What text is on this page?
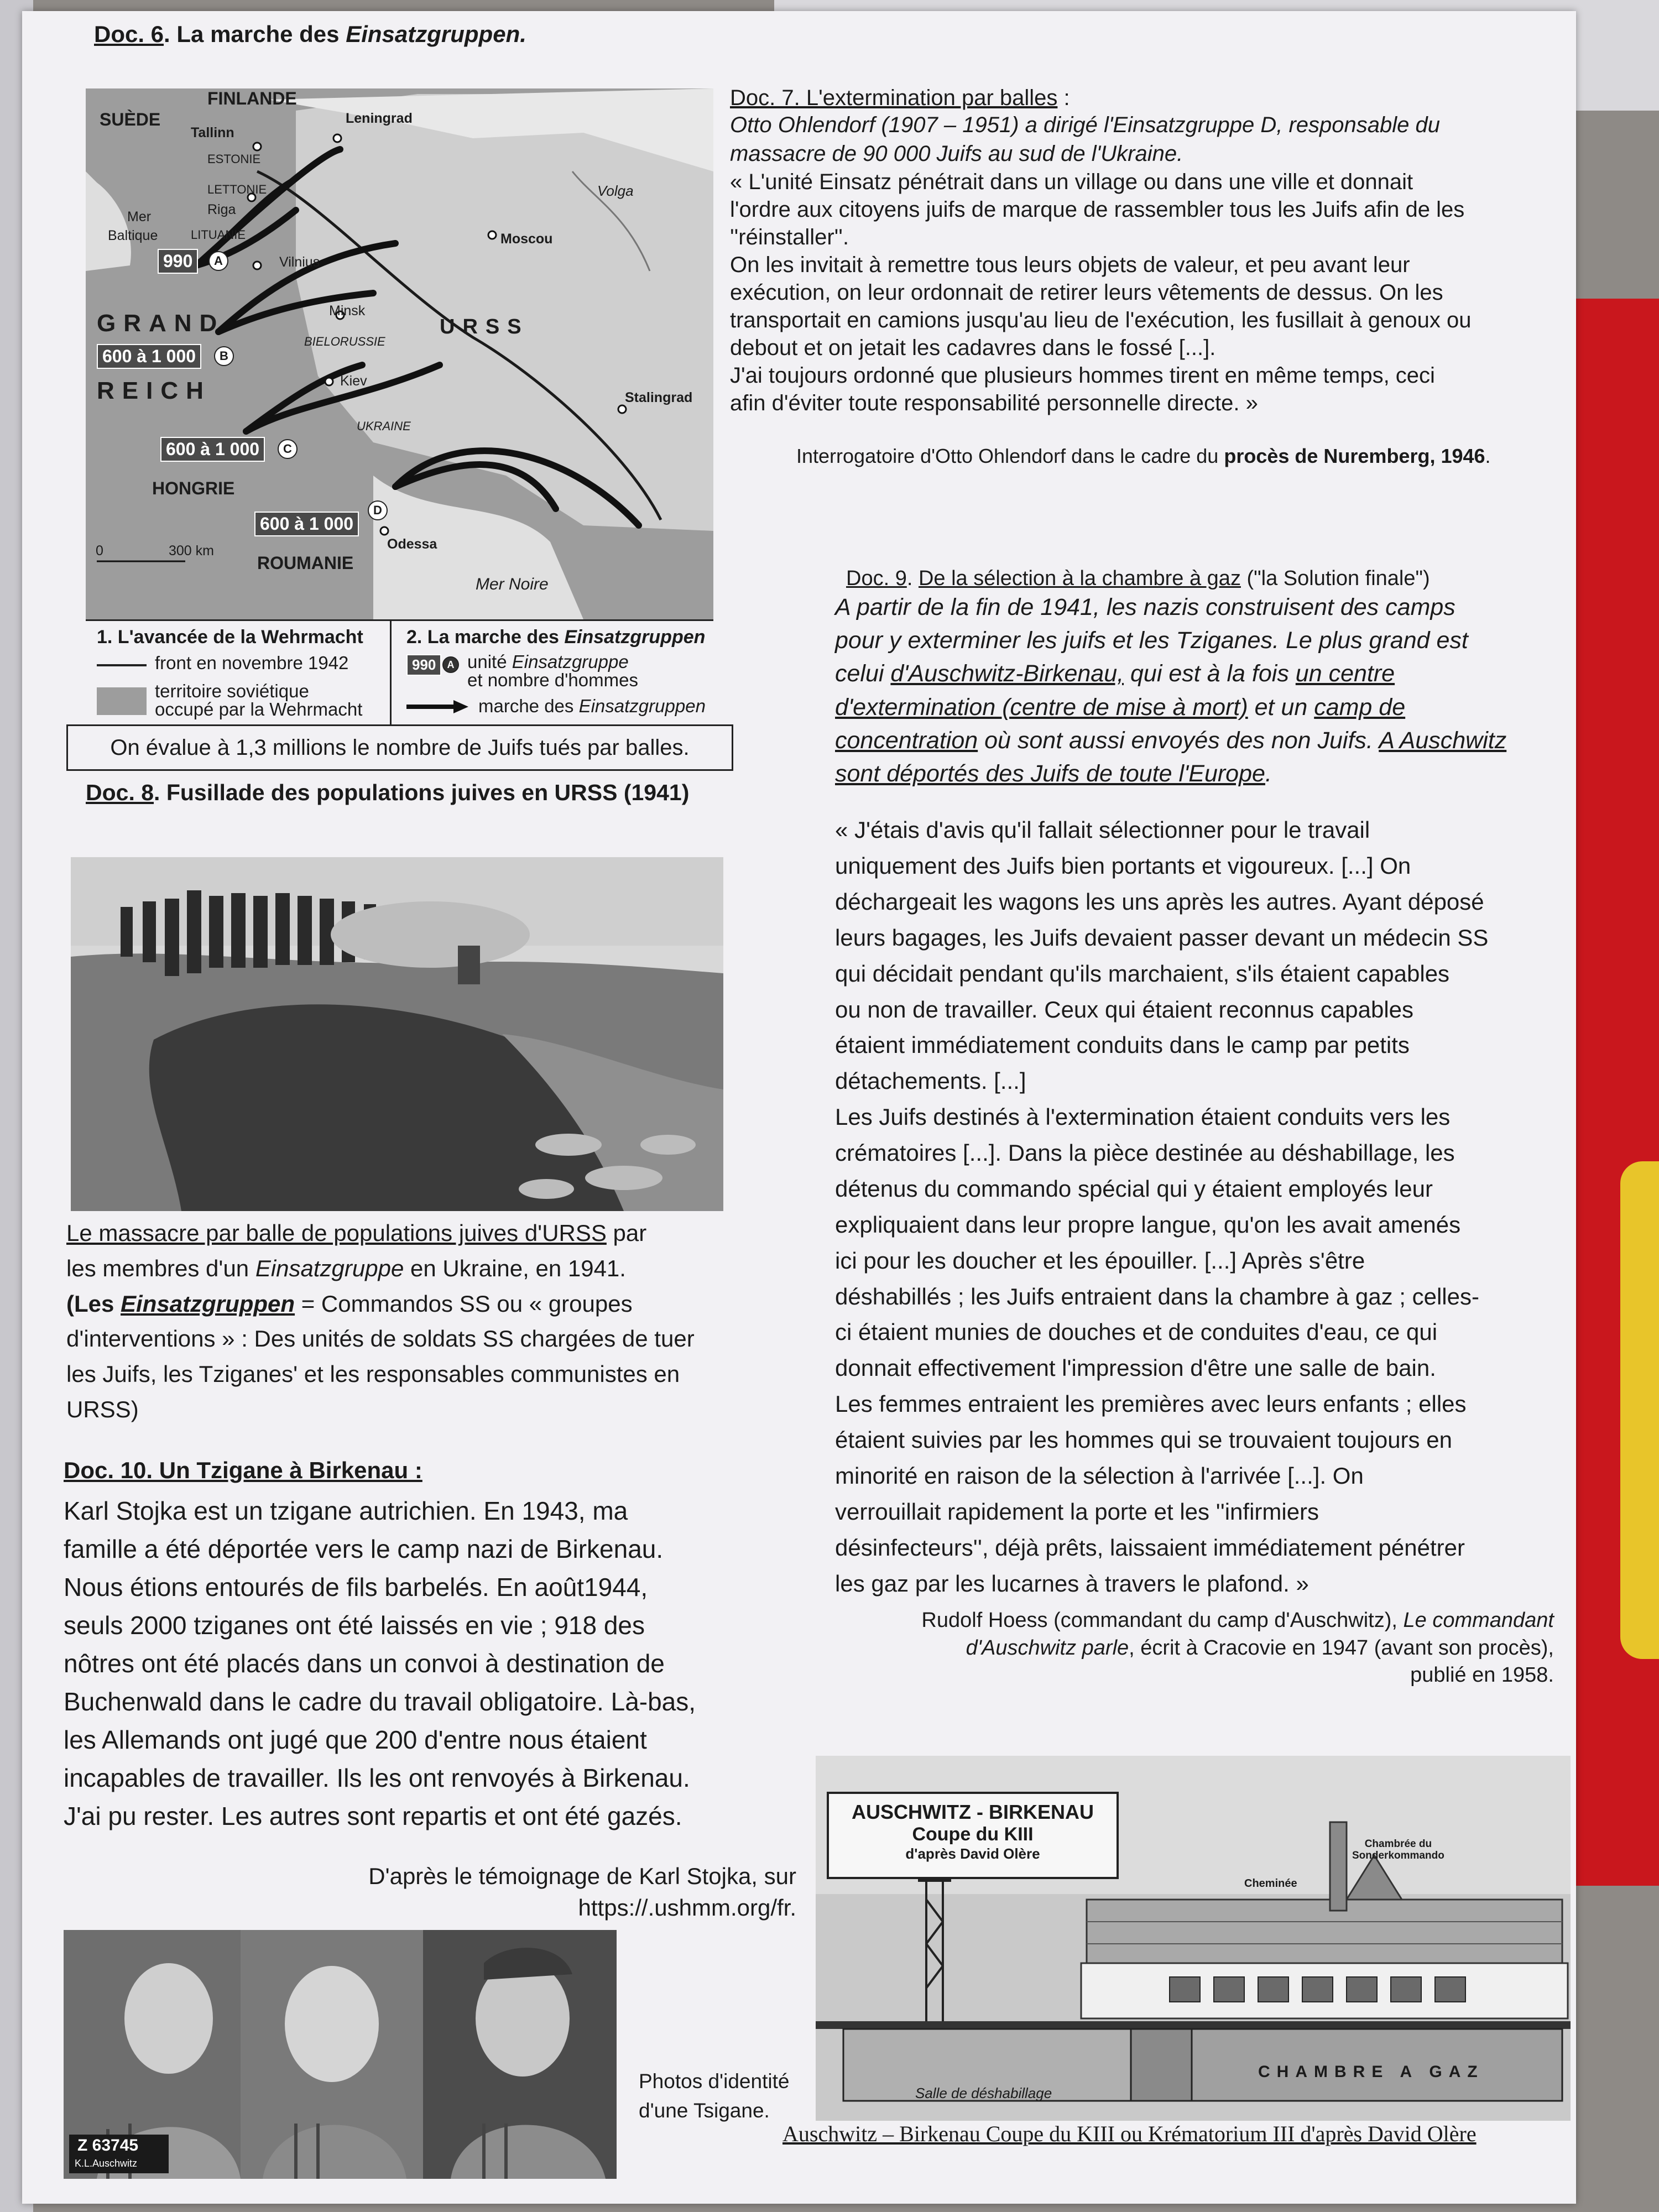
Doc. 6. La marche des Einsatzgruppen.
FINLANDE
SUÈDE	Leningrad
Tallinn
ESTONIE
LETTONIE
Riga
Mer
Baltique	LITUANIE
Vilnius
Volga
Moscou
GRAND
REICH
Minsk
BIELORUSSIE
URSS
Kiev
Stalingrad
UKRAINE
HONGRIE
Odessa
ROUMANIE
Mer Noire
0	300 km
990	A
600 à 1 000	B
600 à 1 000	C
600 à 1 000
D
1. L'avancée de la Wehrmacht
front en novembre 1942
territoire soviétique
occupé par la Wehrmacht
2. La marche des Einsatzgruppen
990	A unité Einsatzgruppe
et nombre d'hommes
marche des Einsatzgruppen
On évalue à 1,3 millions le nombre de Juifs tués par balles.
Doc. 7. L'extermination par balles :
Otto Ohlendorf (1907 – 1951) a dirigé l'Einsatzgruppe D, responsable du
massacre de 90 000 Juifs au sud de l'Ukraine.
« L'unité Einsatz pénétrait dans un village ou dans une ville et donnait
l'ordre aux citoyens juifs de marque de rassembler tous les Juifs afin de les
''réinstaller''.
On les invitait à remettre tous leurs objets de valeur, et peu avant leur
exécution, on leur ordonnait de retirer leurs vêtements de dessus. On les
transportait en camions jusqu'au lieu de l'exécution, les fusillait à genoux ou
debout et on jetait les cadavres dans le fossé [...].
J'ai toujours ordonné que plusieurs hommes tirent en même temps, ceci
afin d'éviter toute responsabilité personnelle directe. »
Interrogatoire d'Otto Ohlendorf dans le cadre du procès de Nuremberg, 1946.
Doc. 9. De la sélection à la chambre à gaz ("la Solution finale")
A partir de la fin de 1941, les nazis construisent des camps
pour y exterminer les juifs et les Tziganes. Le plus grand est
celui d'Auschwitz-Birkenau, qui est à la fois un centre
d'extermination (centre de mise à mort) et un camp de
concentration où sont aussi envoyés des non Juifs. A Auschwitz
sont déportés des Juifs de toute l'Europe.
« J'étais d'avis qu'il fallait sélectionner pour le travail
uniquement des Juifs bien portants et vigoureux. [...] On
déchargeait les wagons les uns après les autres. Ayant déposé
leurs bagages, les Juifs devaient passer devant un médecin SS
qui décidait pendant qu'ils marchaient, s'ils étaient capables
ou non de travailler. Ceux qui étaient reconnus capables
étaient immédiatement conduits dans le camp par petits
détachements. [...]
Les Juifs destinés à l'extermination étaient conduits vers les
crématoires [...]. Dans la pièce destinée au déshabillage, les
détenus du commando spécial qui y étaient employés leur
expliquaient dans leur propre langue, qu'on les avait amenés
ici pour les doucher et les épouiller. [...] Après s'être
déshabillés ; les Juifs entraient dans la chambre à gaz ; celles-
ci étaient munies de douches et de conduites d'eau, ce qui
donnait effectivement l'impression d'être une salle de bain.
Les femmes entraient les premières avec leurs enfants ; elles
étaient suivies par les hommes qui se trouvaient toujours en
minorité en raison de la sélection à l'arrivée [...]. On
verrouillait rapidement la porte et les ''infirmiers
désinfecteurs'', déjà prêts, laissaient immédiatement pénétrer
les gaz par les lucarnes à travers le plafond. »
Rudolf Hoess (commandant du camp d'Auschwitz), Le commandant
d'Auschwitz parle, écrit à Cracovie en 1947 (avant son procès),
publié en 1958.
Doc. 8. Fusillade des populations juives en URSS (1941)
Le massacre par balle de populations juives d'URSS par
les membres d'un Einsatzgruppe en Ukraine, en 1941.
(Les Einsatzgruppen = Commandos SS ou « groupes
d'interventions » : Des unités de soldats SS chargées de tuer
les Juifs, les Tziganes' et les responsables communistes en
URSS)
Doc. 10. Un Tzigane à Birkenau :
Karl Stojka est un tzigane autrichien. En 1943, ma
famille a été déportée vers le camp nazi de Birkenau.
Nous étions entourés de fils barbelés. En août1944,
seuls 2000 tziganes ont été laissés en vie ; 918 des
nôtres ont été placés dans un convoi à destination de
Buchenwald dans le cadre du travail obligatoire. Là-bas,
les Allemands ont jugé que 200 d'entre nous étaient
incapables de travailler. Ils les ont renvoyés à Birkenau.
J'ai pu rester. Les autres sont repartis et ont été gazés.
D'après le témoignage de Karl Stojka, sur
https://.ushmm.org/fr.
Z 63745
K.L.Auschwitz
Photos d'identité
d'une Tsigane.
AUSCHWITZ - BIRKENAU
Coupe du KIII
d'après David Olère
Cheminée
Chambrée du
Sonderkommando
CHAMBRE A GAZ
Salle de déshabillage
Auschwitz – Birkenau Coupe du KIII ou Krématorium III d'après David Olère
